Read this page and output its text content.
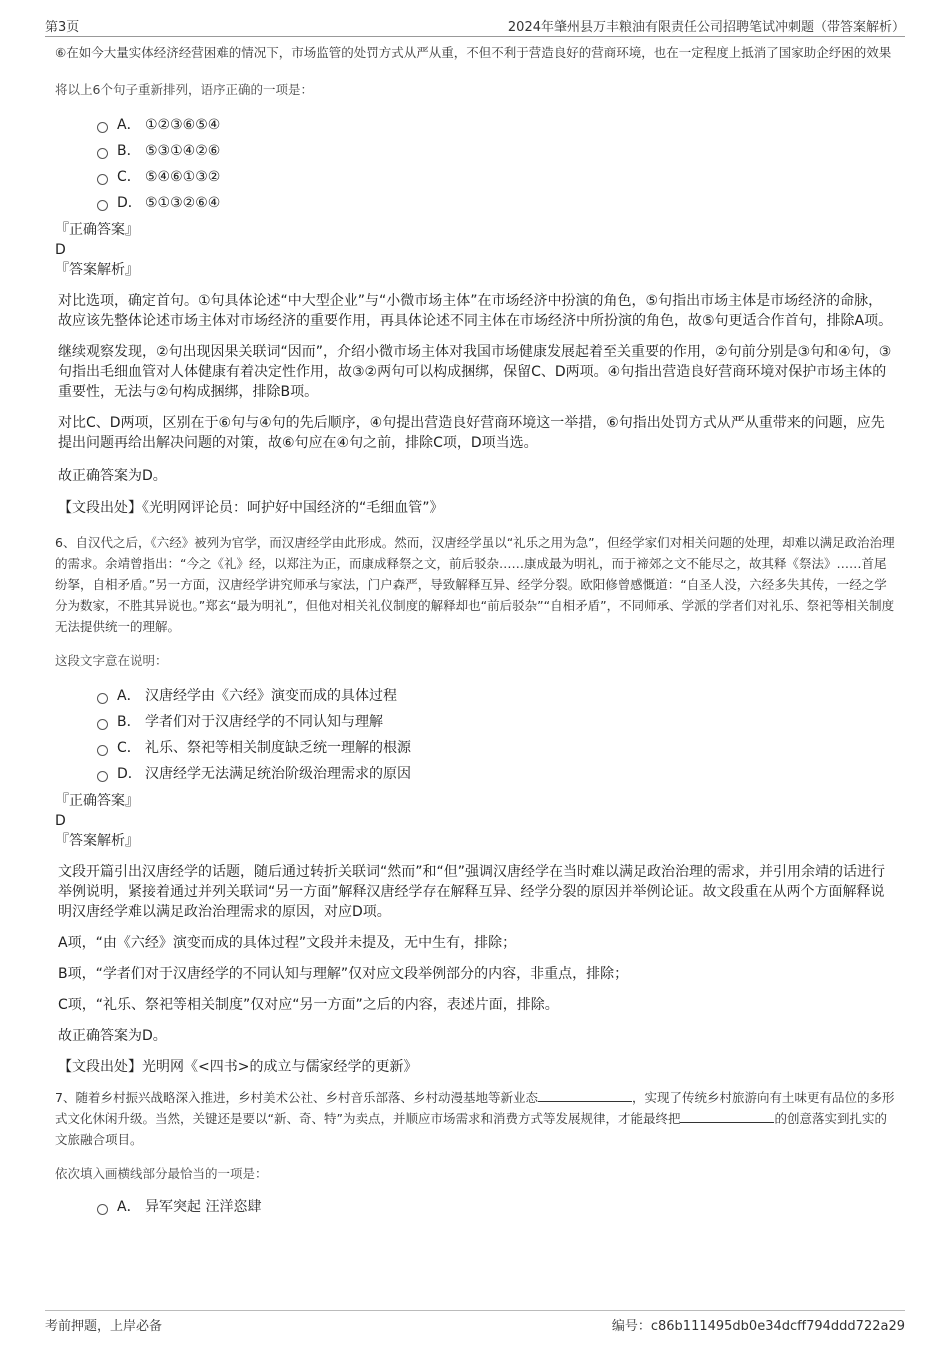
第3页	2024年肇州县万丰粮油有限责任公司招聘笔试冲刺题（带答案解析）

⑥在如今大量实体经济经营困难的情况下，市场监管的处罚方式从严从重，不但不利于营造良好的营商环境，也在一定程度上抵消了国家助企纾困的效果

将以上6个句子重新排列，语序正确的一项是：

A． ①②③⑥⑤④
B． ⑤③①④②⑥
C． ⑤④⑥①③②
D． ⑤①③②⑥④

『正确答案』

D

『答案解析』

对比选项，确定首句。①句具体论述“中大型企业”与“小微市场主体”在市场经济中扮演的角色，⑤句指出市场主体是市场经济的命脉，故应该先整体论述市场主体对市场经济的重要作用，再具体论述不同主体在市场经济中所扮演的角色，故⑤句更适合作首句，排除A项。

继续观察发现，②句出现因果关联词“因而”，介绍小微市场主体对我国市场健康发展起着至关重要的作用，②句前分别是③句和④句，③句指出毛细血管对人体健康有着决定性作用，故③②两句可以构成捆绑，保留C、D两项。④句指出营造良好营商环境对保护市场主体的重要性，无法与②句构成捆绑，排除B项。

对比C、D两项，区别在于⑥句与④句的先后顺序，④句提出营造良好营商环境这一举措，⑥句指出处罚方式从严从重带来的问题，应先提出问题再给出解决问题的对策，故⑥句应在④句之前，排除C项，D项当选。

故正确答案为D。

【文段出处】《光明网评论员：呵护好中国经济的“毛细血管”》

6、自汉代之后，《六经》被列为官学，而汉唐经学由此形成。然而，汉唐经学虽以“礼乐之用为急”，但经学家们对相关问题的处理，却难以满足政治治理的需求。余靖曾指出：“今之《礼》经，以郑注为正，而康成释祭之文，前后驳杂……康成最为明礼，而于禘郊之文不能尽之，故其释《祭法》……首尾纷拏，自相矛盾。”另一方面，汉唐经学讲究师承与家法，门户森严，导致解释互异、经学分裂。欧阳修曾感慨道：“自圣人没，六经多失其传，一经之学分为数家，不胜其异说也。”郑玄“最为明礼”，但他对相关礼仪制度的解释却也“前后驳杂”“自相矛盾”，不同师承、学派的学者们对礼乐、祭祀等相关制度无法提供统一的理解。

这段文字意在说明：

A． 汉唐经学由《六经》演变而成的具体过程
B． 学者们对于汉唐经学的不同认知与理解
C． 礼乐、祭祀等相关制度缺乏统一理解的根源
D． 汉唐经学无法满足统治阶级治理需求的原因

『正确答案』

D

『答案解析』

文段开篇引出汉唐经学的话题，随后通过转折关联词“然而”和“但”强调汉唐经学在当时难以满足政治治理的需求，并引用余靖的话进行举例说明，紧接着通过并列关联词“另一方面”解释汉唐经学存在解释互异、经学分裂的原因并举例论证。故文段重在从两个方面解释说明汉唐经学难以满足政治治理需求的原因，对应D项。

A项，“由《六经》演变而成的具体过程”文段并未提及，无中生有，排除；

B项，“学者们对于汉唐经学的不同认知与理解”仅对应文段举例部分的内容，非重点，排除；

C项，“礼乐、祭祀等相关制度”仅对应“另一方面”之后的内容，表述片面，排除。

故正确答案为D。

【文段出处】光明网《<四书>的成立与儒家经学的更新》

7、随着乡村振兴战略深入推进，乡村美术公社、乡村音乐部落、乡村动漫基地等新业态	，实现了传统乡村旅游向有土味更有品位的多形式文化休闲升级。当然，关键还是要以“新、奇、特”为卖点，并顺应市场需求和消费方式等发展规律，才能最终把	的创意落实到扎实的文旅融合项目。

依次填入画横线部分最恰当的一项是：

A． 异军突起 汪洋恣肆
考前押题，上岸必备	编号：c86b111495db0e34dcff794ddd722a29
